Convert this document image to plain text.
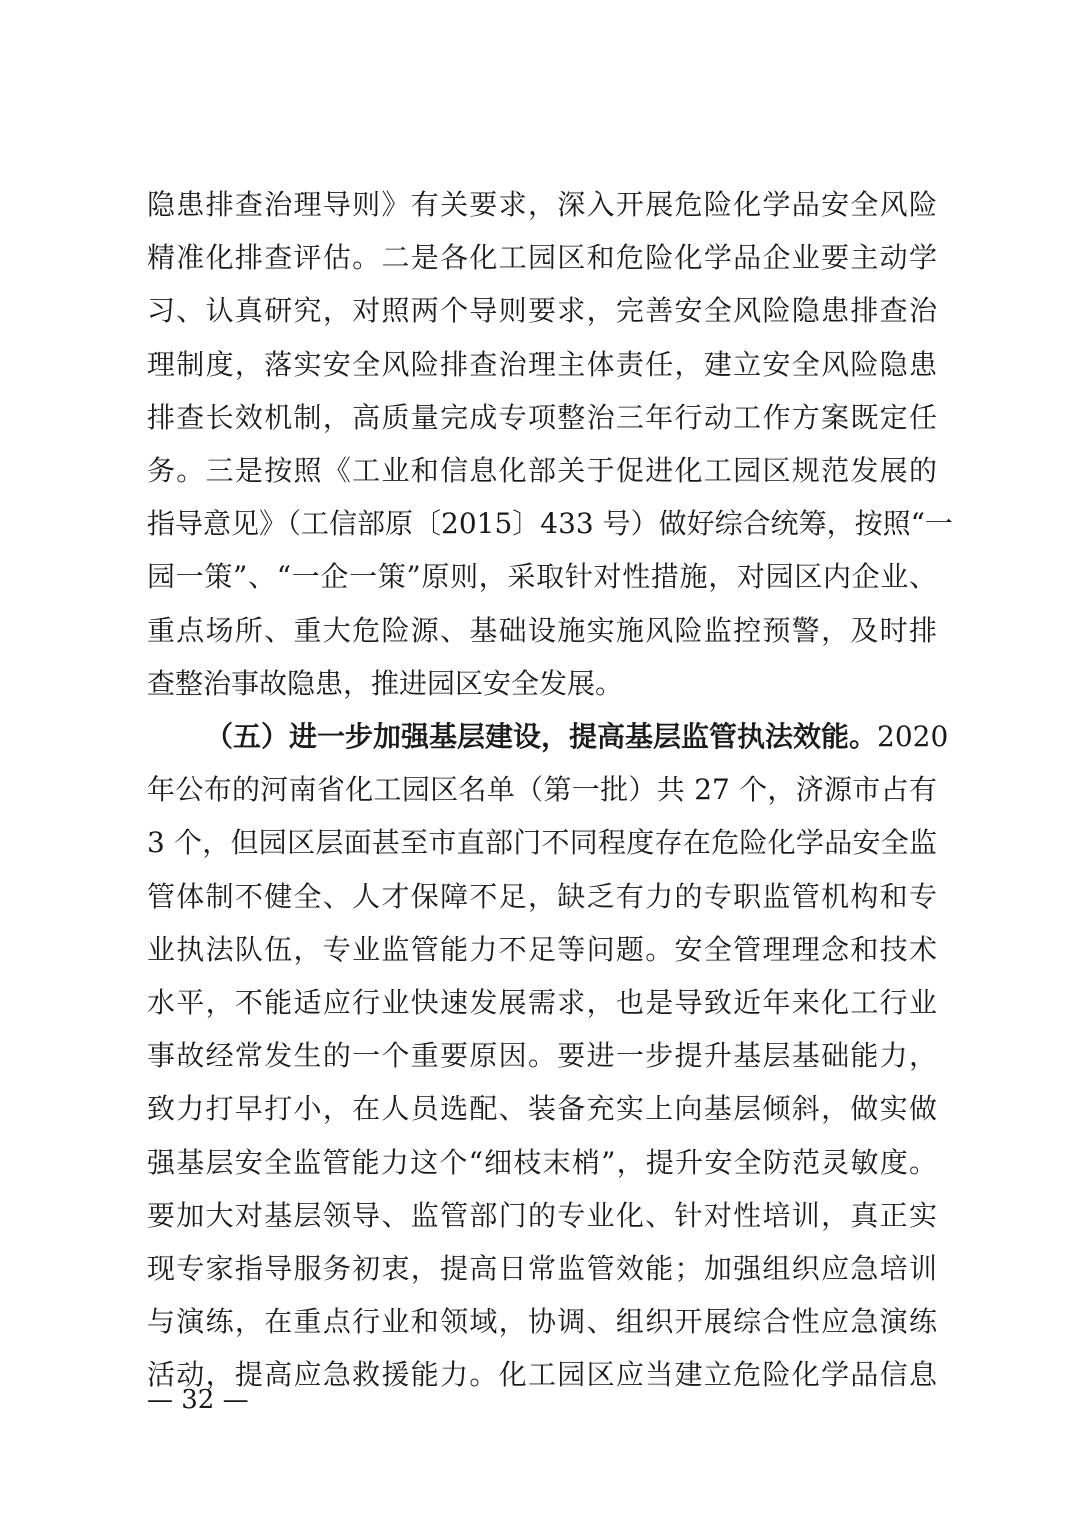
隐患排查治理导则》有关要求，深入开展危险化学品安全风险
精准化排查评估。二是各化工园区和危险化学品企业要主动学
习、认真研究，对照两个导则要求，完善安全风险隐患排查治
理制度，落实安全风险排查治理主体责任，建立安全风险隐患
排查长效机制，高质量完成专项整治三年行动工作方案既定任
务。三是按照《工业和信息化部关于促进化工园区规范发展的
指导意见》（工信部原〔2015〕433 号）做好综合统筹，按照“一
园一策”、“一企一策”原则，采取针对性措施，对园区内企业、
重点场所、重大危险源、基础设施实施风险监控预警，及时排
查整治事故隐患，推进园区安全发展。
（五）进一步加强基层建设，提高基层监管执法效能。2020
年公布的河南省化工园区名单（第一批）共 27 个，济源市占有
3 个，但园区层面甚至市直部门不同程度存在危险化学品安全监
管体制不健全、人才保障不足，缺乏有力的专职监管机构和专
业执法队伍，专业监管能力不足等问题。安全管理理念和技术
水平，不能适应行业快速发展需求，也是导致近年来化工行业
事故经常发生的一个重要原因。要进一步提升基层基础能力，
致力打早打小，在人员选配、装备充实上向基层倾斜，做实做
强基层安全监管能力这个“细枝末梢”，提升安全防范灵敏度。
要加大对基层领导、监管部门的专业化、针对性培训，真正实
现专家指导服务初衷，提高日常监管效能；加强组织应急培训
与演练，在重点行业和领域，协调、组织开展综合性应急演练
活动，提高应急救援能力。化工园区应当建立危险化学品信息
— 32 —
